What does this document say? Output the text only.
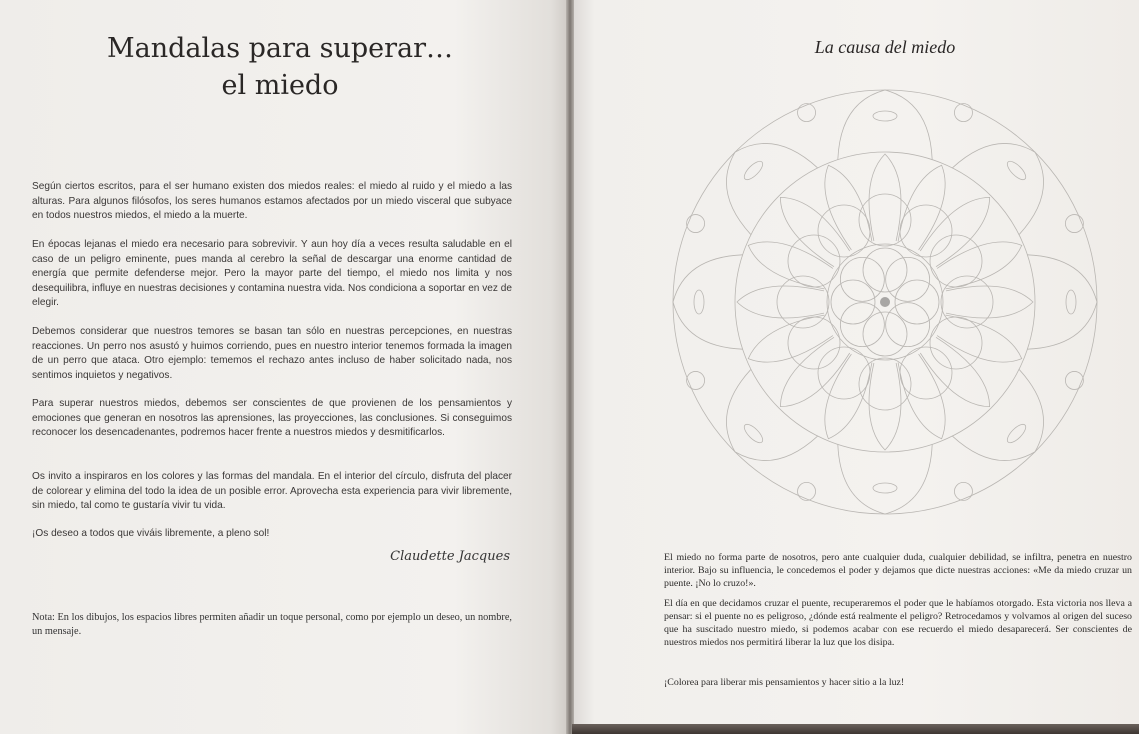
Mandalas para superar…
el miedo
Según ciertos escritos, para el ser humano existen dos miedos reales: el miedo al ruido y el miedo a las alturas. Para algunos filósofos, los seres humanos estamos afectados por un miedo visceral que subyace en todos nuestros miedos, el miedo a la muerte.
En épocas lejanas el miedo era necesario para sobrevivir. Y aun hoy día a veces resulta saludable en el caso de un peligro eminente, pues manda al cerebro la señal de descargar una enorme cantidad de energía que permite defenderse mejor. Pero la mayor parte del tiempo, el miedo nos limita y nos desequilibra, influye en nuestras decisiones y contamina nuestra vida. Nos condiciona a soportar en vez de elegir.
Debemos considerar que nuestros temores se basan tan sólo en nuestras percepciones, en nuestras reacciones. Un perro nos asustó y huimos corriendo, pues en nuestro interior tenemos formada la imagen de un perro que ataca. Otro ejemplo: tememos el rechazo antes incluso de haber solicitado nada, nos sentimos inquietos y negativos.
Para superar nuestros miedos, debemos ser conscientes de que provienen de los pensamientos y emociones que generan en nosotros las aprensiones, las proyecciones, las conclusiones. Si conseguimos reconocer los desencadenantes, podremos hacer frente a nuestros miedos y desmitificarlos.
Os invito a inspiraros en los colores y las formas del mandala. En el interior del círculo, disfruta del placer de colorear y elimina del todo la idea de un posible error. Aprovecha esta experiencia para vivir libremente, sin miedo, tal como te gustaría vivir tu vida.
¡Os deseo a todos que viváis libremente, a pleno sol!
Claudette Jacques
Nota: En los dibujos, los espacios libres permiten añadir un toque personal, como por ejemplo un deseo, un nombre, un mensaje.
La causa del miedo
El miedo no forma parte de nosotros, pero ante cualquier duda, cualquier debilidad, se infiltra, penetra en nuestro interior. Bajo su influencia, le concedemos el poder y dejamos que dicte nuestras acciones: «Me da miedo cruzar un puente. ¡No lo cruzo!».
El día en que decidamos cruzar el puente, recuperaremos el poder que le habíamos otorgado. Esta victoria nos lleva a pensar: si el puente no es peligroso, ¿dónde está realmente el peligro? Retrocedamos y volvamos al origen del suceso que ha suscitado nuestro miedo, si podemos acabar con ese recuerdo el miedo desaparecerá. Ser conscientes de nuestros miedos nos permitirá liberar la luz que los disipa.
¡Colorea para liberar mis pensamientos y hacer sitio a la luz!
